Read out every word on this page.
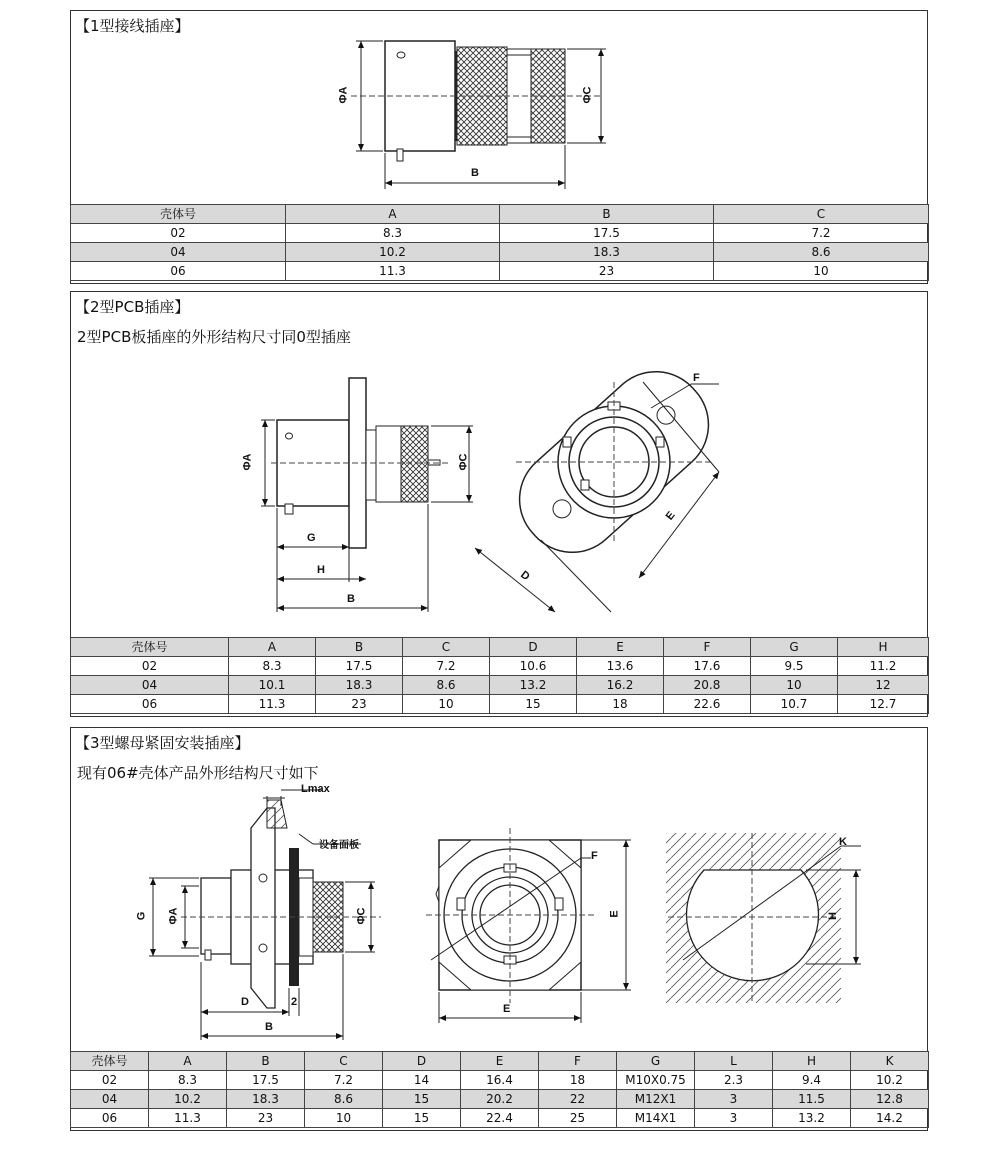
【1型接线插座】
ΦA	ΦC
B
壳体号	A	B	C
02	8.3	17.5	7.2
04	10.2	18.3	8.6
06	11.3	23	10
【2型PCB插座】
2型PCB板插座的外形结构尺寸同0型插座
ΦA	ΦC
G
H
B
D
E
F
壳体号	A	B	C	D	E	F	G	H
02	8.3	17.5	7.2	10.6	13.6	17.6	9.5	11.2
04	10.1	18.3	8.6	13.2	16.2	20.8	10	12
06	11.3	23	10	15	18	22.6	10.7	12.7
【3型螺母紧固安装插座】
现有06#壳体产品外形结构尺寸如下
Lmax
设备面板
G ΦA	ΦC
D	2
B
F
E
E
K
H
壳体号	A	B	C	D	E	F	G	L	H	K
02	8.3	17.5	7.2	14	16.4	18	M10X0.75	2.3	9.4	10.2
04	10.2	18.3	8.6	15	20.2	22	M12X1	3	11.5	12.8
06	11.3	23	10	15	22.4	25	M14X1	3	13.2	14.2
